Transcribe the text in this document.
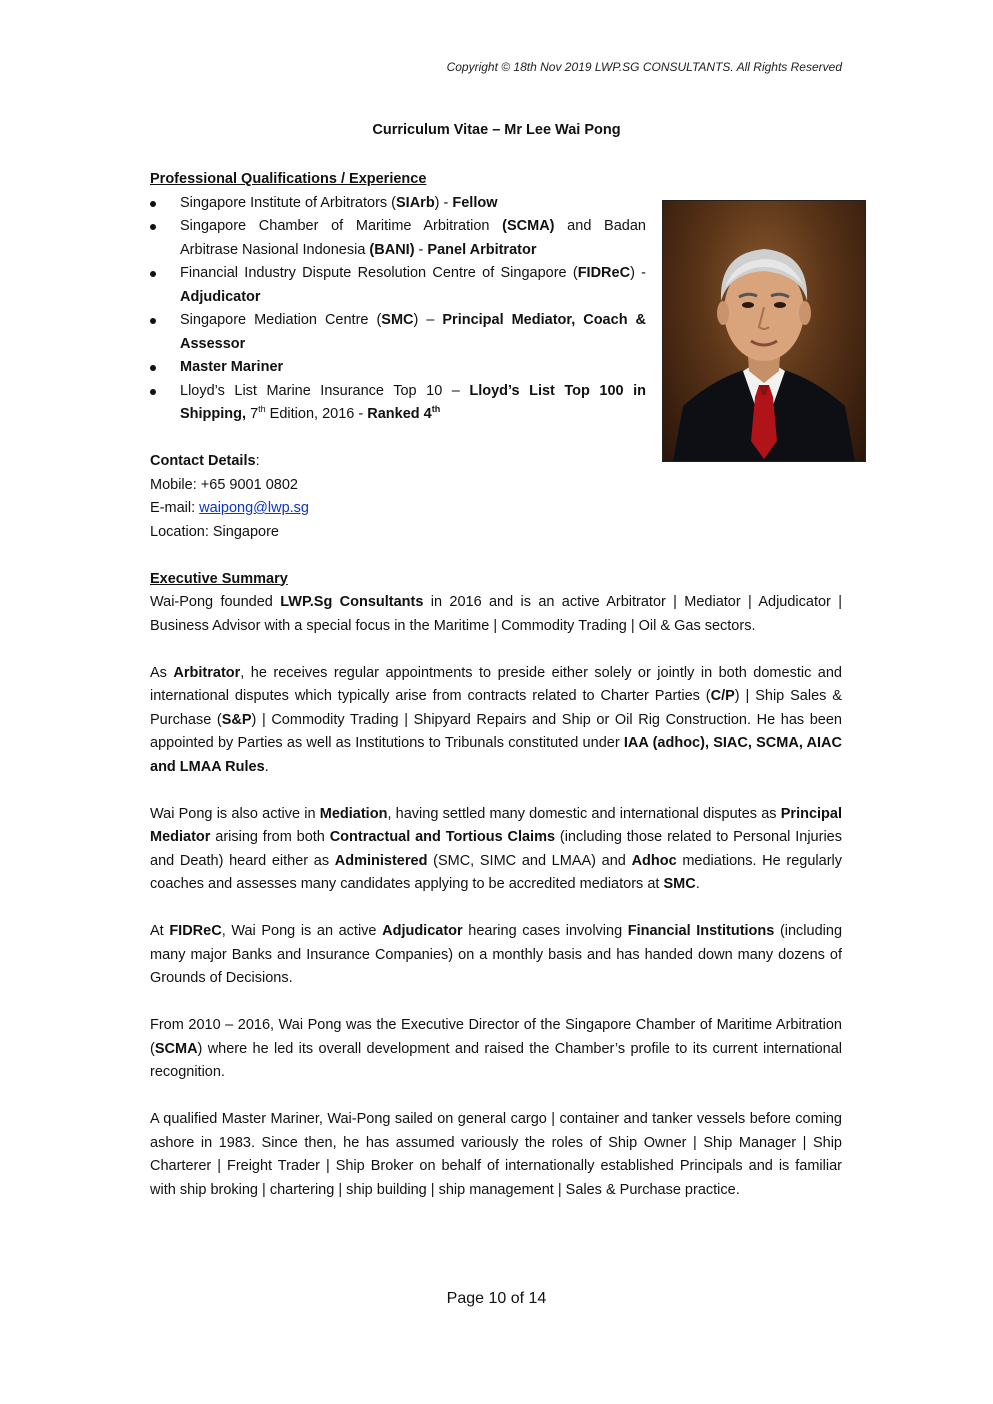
Copyright © 18th Nov 2019 LWP.SG CONSULTANTS. All Rights Reserved

Curriculum Vitae – Mr Lee Wai Pong

Professional Qualifications / Experience

Singapore Institute of Arbitrators (SIArb) - Fellow
Singapore Chamber of Maritime Arbitration (SCMA) and Badan Arbitrase Nasional Indonesia (BANI) - Panel Arbitrator
Financial Industry Dispute Resolution Centre of Singapore (FIDReC) - Adjudicator
Singapore Mediation Centre (SMC) – Principal Mediator, Coach & Assessor
Master Mariner
Lloyd’s List Marine Insurance Top 10 – Lloyd’s List Top 100 in Shipping, 7th Edition, 2016 - Ranked 4th

Contact Details:

Mobile: +65 9001 0802

E-mail: waipong@lwp.sg

Location: Singapore

Executive Summary

Wai-Pong founded LWP.Sg Consultants in 2016 and is an active Arbitrator | Mediator | Adjudicator | Business Advisor with a special focus in the Maritime | Commodity Trading | Oil & Gas sectors.

As Arbitrator, he receives regular appointments to preside either solely or jointly in both domestic and international disputes which typically arise from contracts related to Charter Parties (C/P) | Ship Sales & Purchase (S&P) | Commodity Trading | Shipyard Repairs and Ship or Oil Rig Construction. He has been appointed by Parties as well as Institutions to Tribunals constituted under IAA (adhoc), SIAC, SCMA, AIAC and LMAA Rules.

Wai Pong is also active in Mediation, having settled many domestic and international disputes as Principal Mediator arising from both Contractual and Tortious Claims (including those related to Personal Injuries and Death) heard either as Administered (SMC, SIMC and LMAA) and Adhoc mediations. He regularly coaches and assesses many candidates applying to be accredited mediators at SMC.

At FIDReC, Wai Pong is an active Adjudicator hearing cases involving Financial Institutions (including many major Banks and Insurance Companies) on a monthly basis and has handed down many dozens of Grounds of Decisions.

From 2010 – 2016, Wai Pong was the Executive Director of the Singapore Chamber of Maritime Arbitration (SCMA) where he led its overall development and raised the Chamber’s profile to its current international recognition.

A qualified Master Mariner, Wai-Pong sailed on general cargo | container and tanker vessels before coming ashore in 1983. Since then, he has assumed variously the roles of Ship Owner | Ship Manager | Ship Charterer | Freight Trader | Ship Broker on behalf of internationally established Principals and is familiar with ship broking | chartering | ship building | ship management | Sales & Purchase practice.

Page 10 of 14
